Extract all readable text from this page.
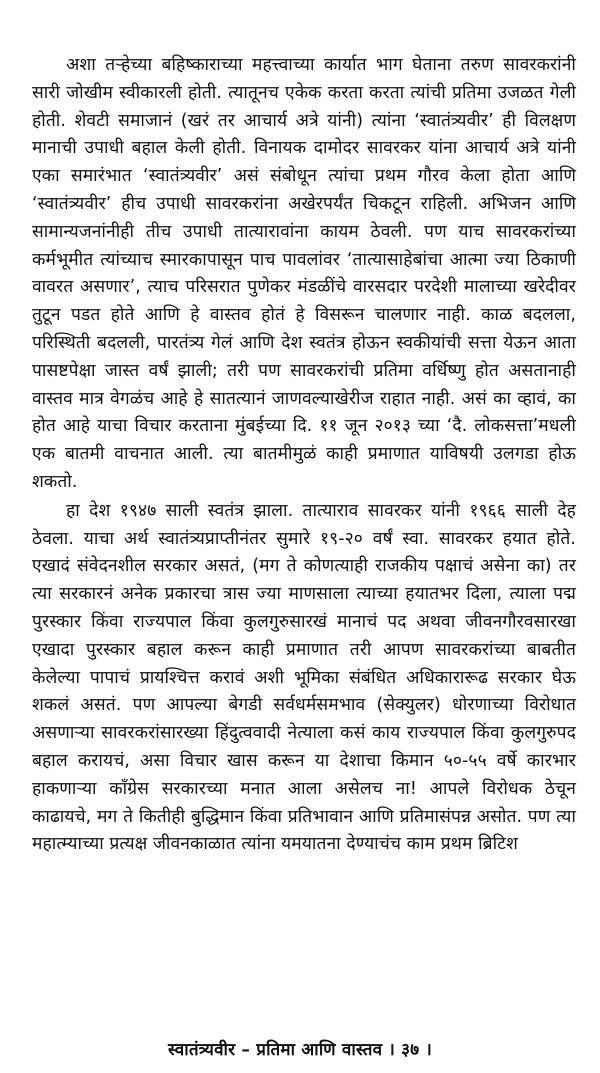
अशा तऱ्हेच्या बहिष्काराच्या महत्त्वाच्या कार्यात भाग घेताना तरुण सावरकरांनी सारी जोखीम स्वीकारली होती. त्यातूनच एकेक करता करता त्यांची प्रतिमा उजळत गेली होती. शेवटी समाजानं (खरं तर आचार्य अत्रे यांनी) त्यांना ‘स्वातंत्र्यवीर’ ही विलक्षण मानाची उपाधी बहाल केली होती. विनायक दामोदर सावरकर यांना आचार्य अत्रे यांनी एका समारंभात ‘स्वातंत्र्यवीर’ असं संबोधून त्यांचा प्रथम गौरव केला होता आणि ‘स्वातंत्र्यवीर’ हीच उपाधी सावरकरांना अखेरपर्यंत चिकटून राहिली. अभिजन आणि सामान्यजनांनीही तीच उपाधी तात्यारावांना कायम ठेवली. पण याच सावरकरांच्या कर्मभूमीत त्यांच्याच स्मारकापासून पाच पावलांवर ‘तात्यासाहेबांचा आत्मा ज्या ठिकाणी वावरत असणार’, त्याच परिसरात पुणेकर मंडळींचे वारसदार परदेशी मालाच्या खरेदीवर तुटून पडत होते आणि हे वास्तव होतं हे विसरून चालणार नाही. काळ बदलला, परिस्थिती बदलली, पारतंत्र्य गेलं आणि देश स्वतंत्र होऊन स्वकीयांची सत्ता येऊन आता पासष्टपेक्षा जास्त वर्षं झाली; तरी पण सावरकरांची प्रतिमा वर्धिष्णु होत असतानाही वास्तव मात्र वेगळंच आहे हे सातत्यानं जाणवल्याखेरीज राहात नाही. असं का व्हावं, का होत आहे याचा विचार करताना मुंबईच्या दि. ११ जून २०१३ च्या ‘दै. लोकसत्ता’मधली एक बातमी वाचनात आली. त्या बातमीमुळं काही प्रमाणात याविषयी उलगडा होऊ शकतो.

हा देश १९४७ साली स्वतंत्र झाला. तात्याराव सावरकर यांनी १९६६ साली देह ठेवला. याचा अर्थ स्वातंत्र्यप्राप्तीनंतर सुमारे १९-२० वर्षं स्वा. सावरकर हयात होते. एखादं संवेदनशील सरकार असतं, (मग ते कोणत्याही राजकीय पक्षाचं असेना का) तर त्या सरकारनं अनेक प्रकारचा त्रास ज्या माणसाला त्याच्या हयातभर दिला, त्याला पद्म पुरस्कार किंवा राज्यपाल किंवा कुलगुरुसारखं मानाचं पद अथवा जीवनगौरवसारखा एखादा पुरस्कार बहाल करून काही प्रमाणात तरी आपण सावरकरांच्या बाबतीत केलेल्या पापाचं प्रायश्चित्त करावं अशी भूमिका संबंधित अधिकारारूढ सरकार घेऊ शकलं असतं. पण आपल्या बेगडी सर्वधर्मसमभाव (सेक्युलर) धोरणाच्या विरोधात असणाऱ्या सावरकरांसारख्या हिंदुत्ववादी नेत्याला कसं काय राज्यपाल किंवा कुलगुरुपद बहाल करायचं, असा विचार खास करून या देशाचा किमान ५०-५५ वर्षे कारभार हाकणाऱ्या काँग्रेस सरकारच्या मनात आला असेलच ना! आपले विरोधक ठेचून काढायचे, मग ते कितीही बुद्धिमान किंवा प्रतिभावान आणि प्रतिमासंपन्न असोत. पण त्या महात्म्याच्या प्रत्यक्ष जीवनकाळात त्यांना यमयातना देण्याचंच काम प्रथम ब्रिटिश

स्वातंत्र्यवीर – प्रतिमा आणि वास्तव । ३७ ।
